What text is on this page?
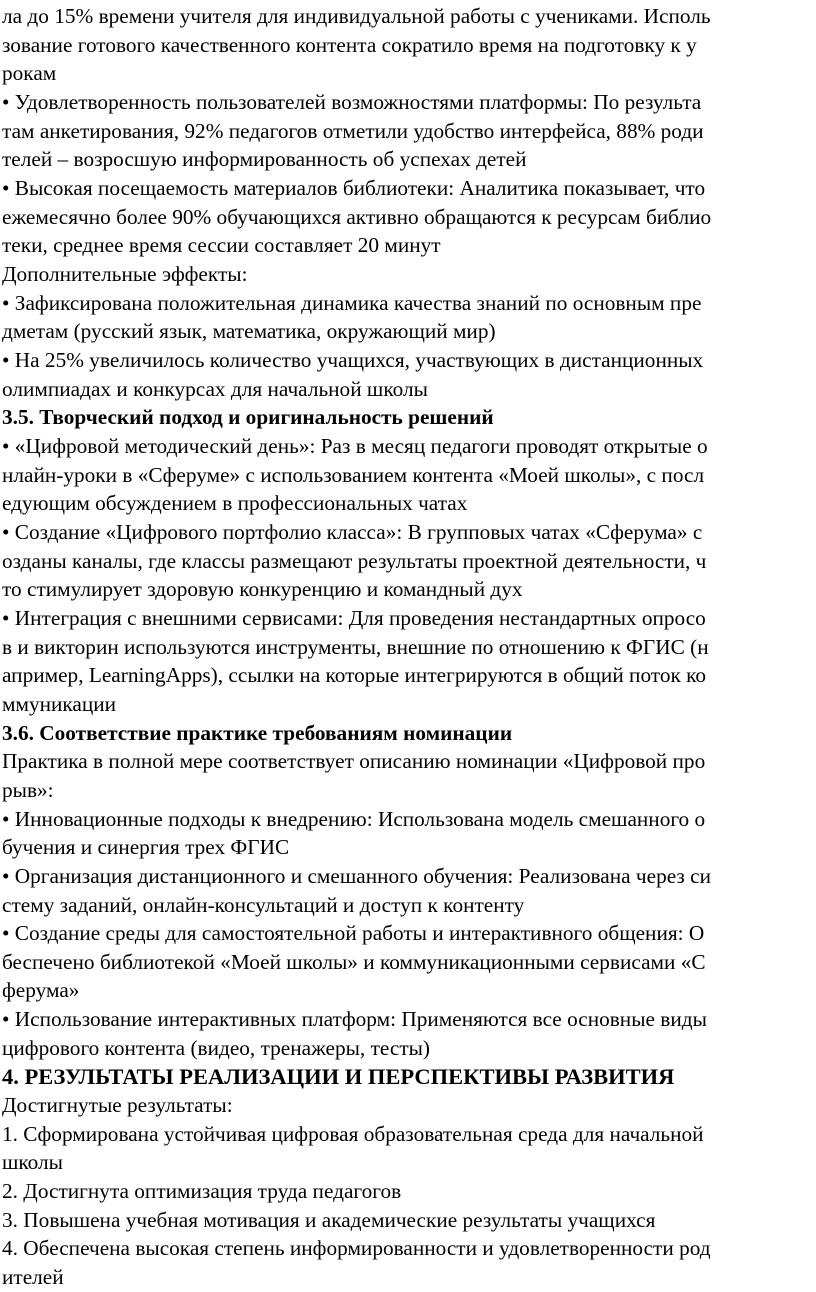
ла до 15% времени учителя для индивидуальной работы с учениками. Исполь
зование готового качественного контента сократило время на подготовку к у
рокам
• Удовлетворенность пользователей возможностями платформы: По результа
там анкетирования, 92% педагогов отметили удобство интерфейса, 88% роди
телей – возросшую информированность об успехах детей
• Высокая посещаемость материалов библиотеки: Аналитика показывает, что
ежемесячно более 90% обучающихся активно обращаются к ресурсам библио
теки, среднее время сессии составляет 20 минут
Дополнительные эффекты:
• Зафиксирована положительная динамика качества знаний по основным пре
дметам (русский язык, математика, окружающий мир)
• На 25% увеличилось количество учащихся, участвующих в дистанционных
олимпиадах и конкурсах для начальной школы
3.5. Творческий подход и оригинальность решений
• «Цифровой методический день»: Раз в месяц педагоги проводят открытые о
нлайн-уроки в «Сферуме» с использованием контента «Моей школы», с посл
едующим обсуждением в профессиональных чатах
• Создание «Цифрового портфолио класса»: В групповых чатах «Сферума» с
озданы каналы, где классы размещают результаты проектной деятельности, ч
то стимулирует здоровую конкуренцию и командный дух
• Интеграция с внешними сервисами: Для проведения нестандартных опросо
в и викторин используются инструменты, внешние по отношению к ФГИС (н
апример, LearningApps), ссылки на которые интегрируются в общий поток ко
ммуникации
3.6. Соответствие практике требованиям номинации
Практика в полной мере соответствует описанию номинации «Цифровой про
рыв»:
• Инновационные подходы к внедрению: Использована модель смешанного о
бучения и синергия трех ФГИС
• Организация дистанционного и смешанного обучения: Реализована через си
стему заданий, онлайн-консультаций и доступ к контенту
• Создание среды для самостоятельной работы и интерактивного общения: О
беспечено библиотекой «Моей школы» и коммуникационными сервисами «С
ферума»
• Использование интерактивных платформ: Применяются все основные виды
цифрового контента (видео, тренажеры, тесты)
4. РЕЗУЛЬТАТЫ РЕАЛИЗАЦИИ И ПЕРСПЕКТИВЫ РАЗВИТИЯ
Достигнутые результаты:
1. Сформирована устойчивая цифровая образовательная среда для начальной
школы
2. Достигнута оптимизация труда педагогов
3. Повышена учебная мотивация и академические результаты учащихся
4. Обеспечена высокая степень информированности и удовлетворенности род
ителей
